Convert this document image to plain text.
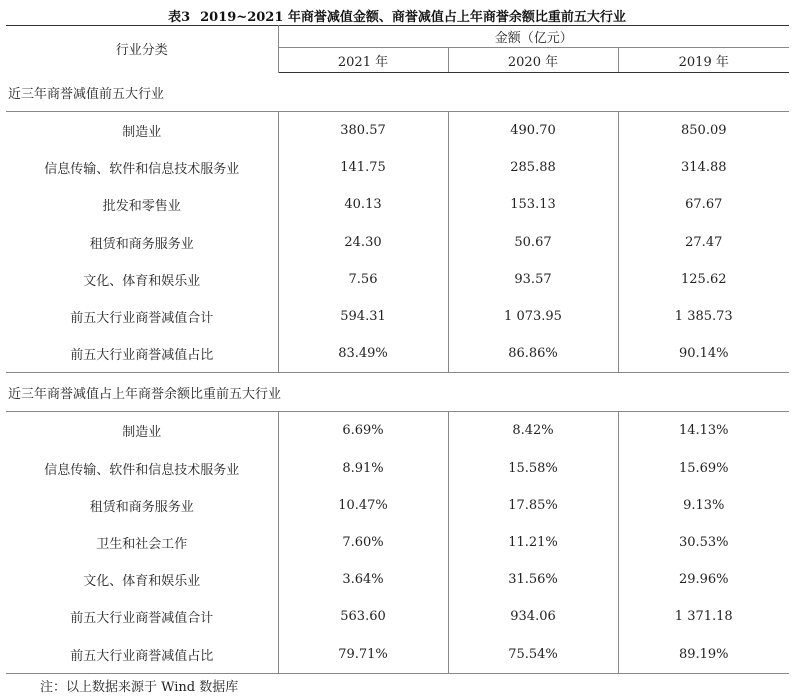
表3 2019~2021 年商誉减值金额、商誉减值占上年商誉余额比重前五大行业
行业分类	金额（亿元）		
	2021 年	2020 年	2019 年
近三年商誉减值前五大行业			
制造业	380.57	490.70	850.09
信息传输、软件和信息技术服务业	141.75	285.88	314.88
批发和零售业	40.13	153.13	67.67
租赁和商务服务业	24.30	50.67	27.47
文化、体育和娱乐业	7.56	93.57	125.62
前五大行业商誉减值合计	594.31	1 073.95	1 385.73
前五大行业商誉减值占比	83.49%	86.86%	90.14%
近三年商誉减值占上年商誉余额比重前五大行业			
制造业	6.69%	8.42%	14.13%
信息传输、软件和信息技术服务业	8.91%	15.58%	15.69%
租赁和商务服务业	10.47%	17.85%	9.13%
卫生和社会工作	7.60%	11.21%	30.53%
文化、体育和娱乐业	3.64%	31.56%	29.96%
前五大行业商誉减值合计	563.60	934.06	1 371.18
前五大行业商誉减值占比	79.71%	75.54%	89.19%
注：以上数据来源于 Wind 数据库
